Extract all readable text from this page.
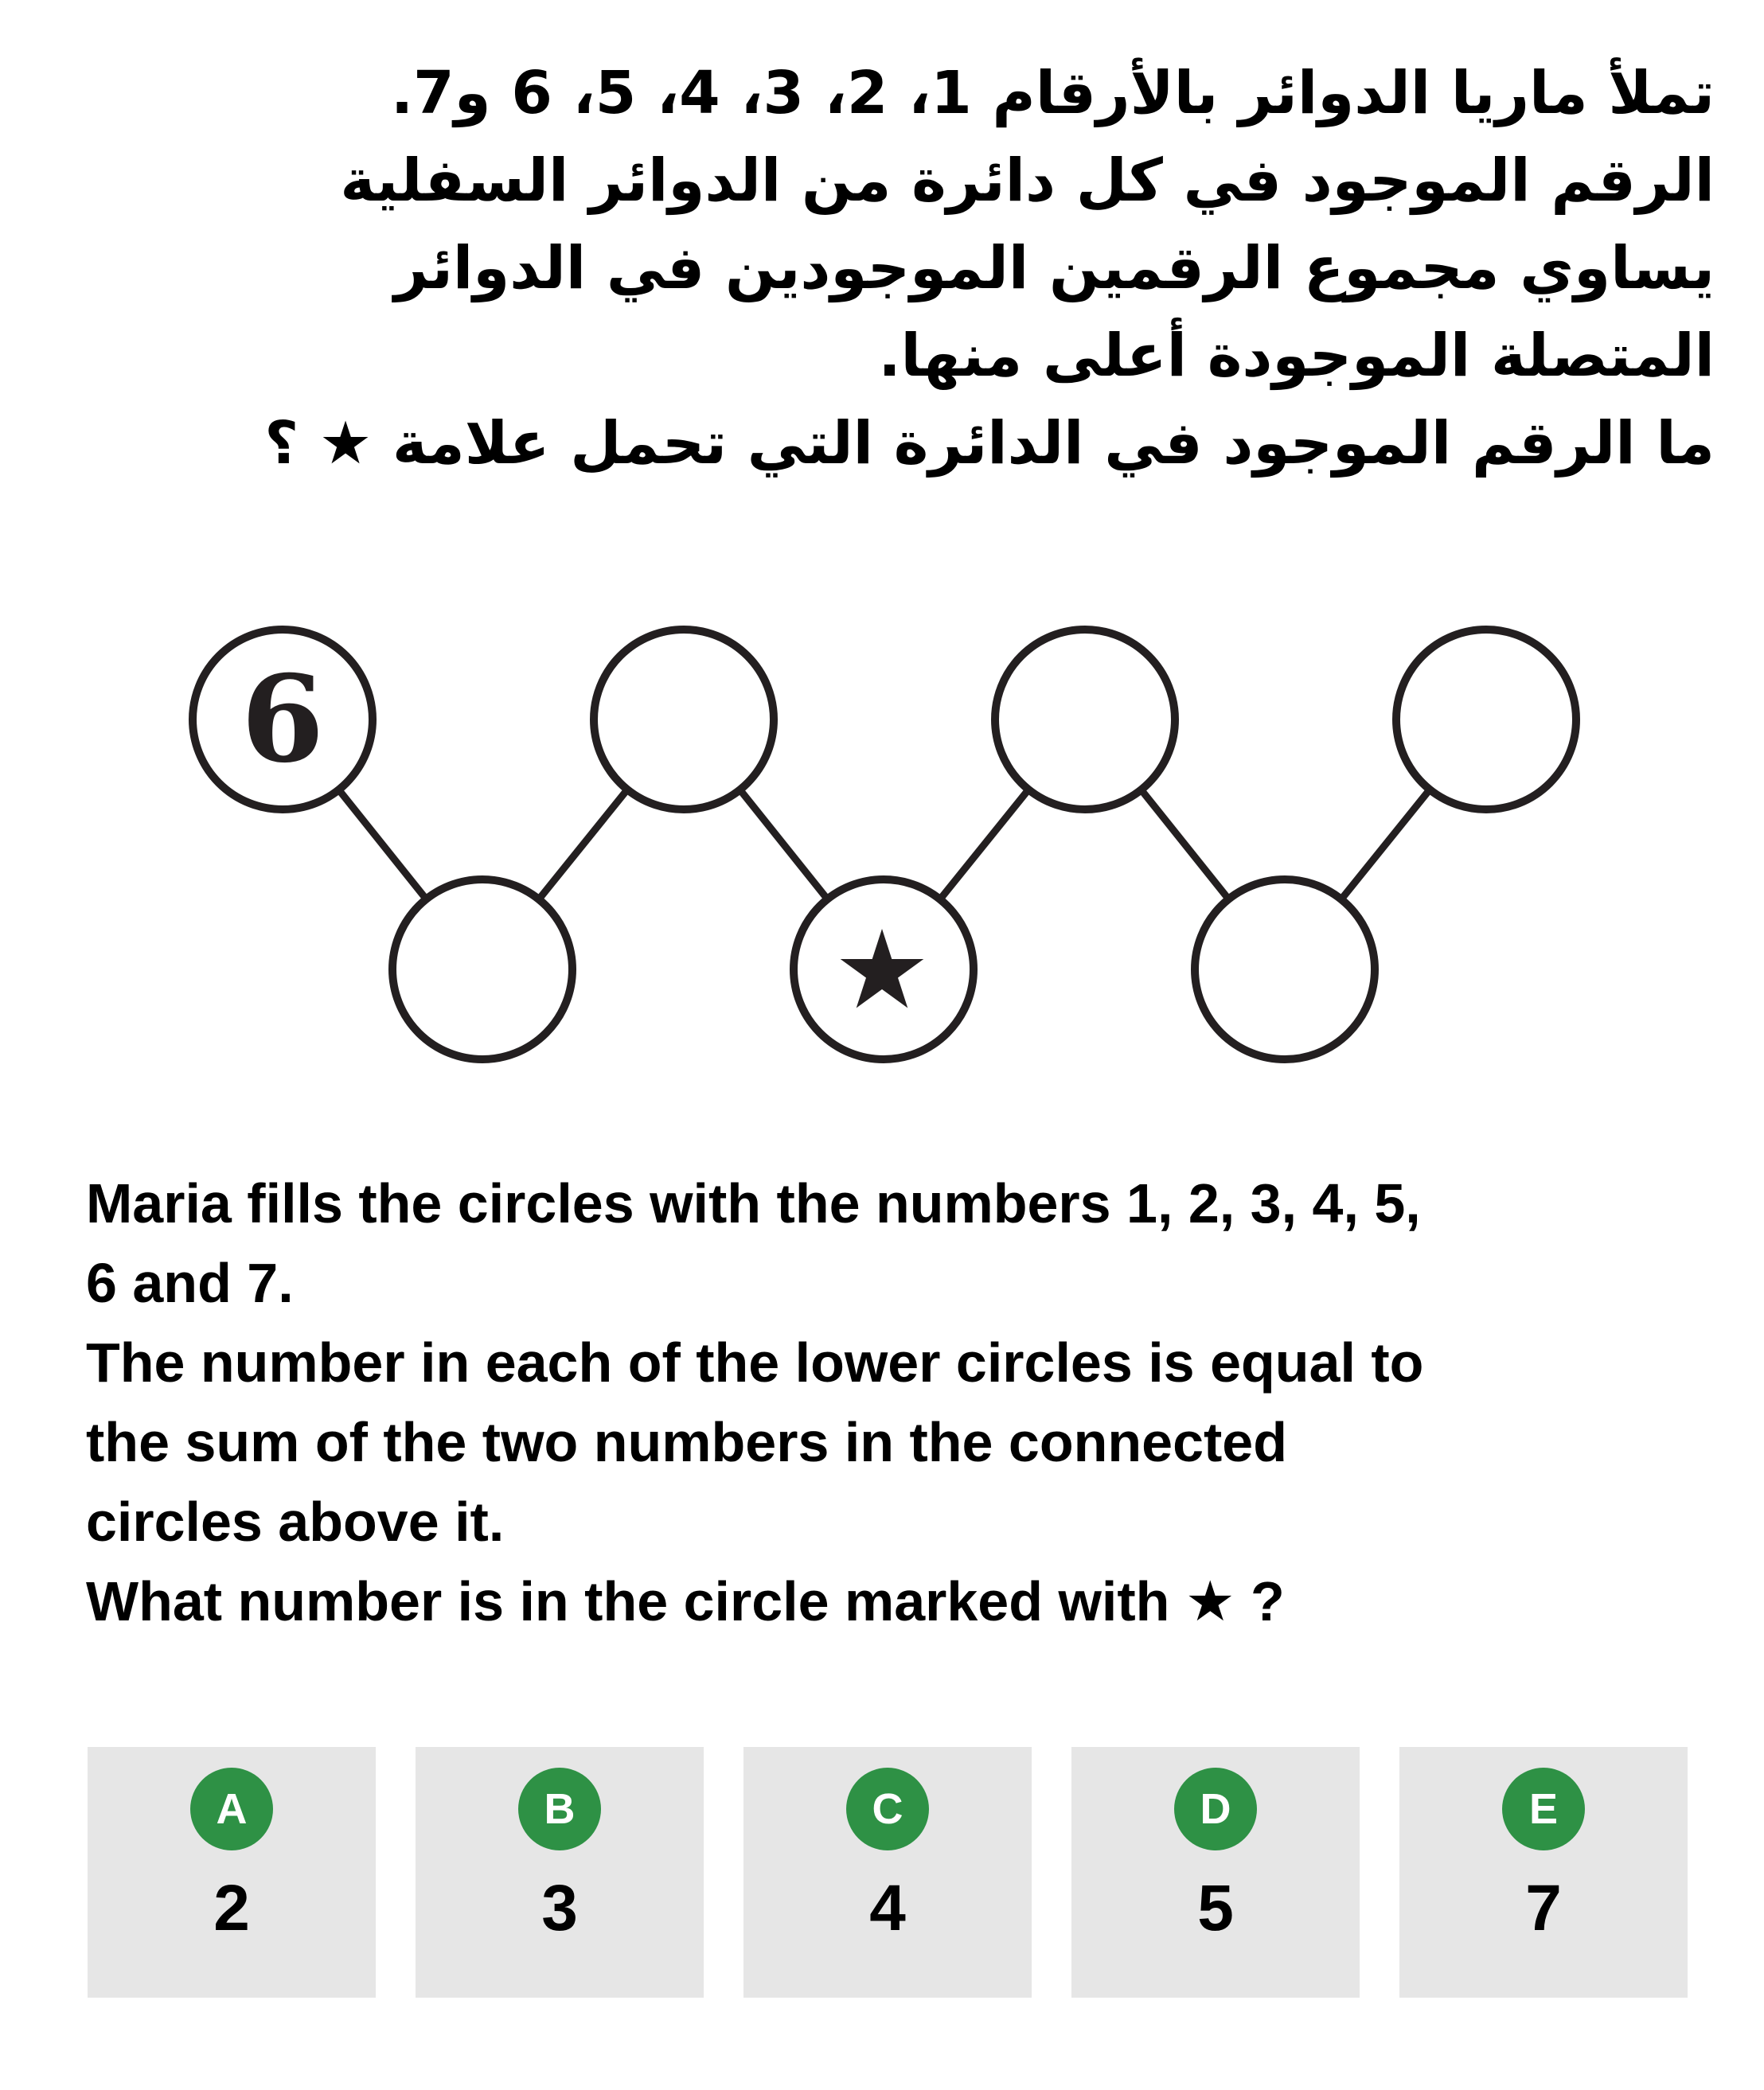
تملأ ماريا الدوائر بالأرقام 1، 2، 3، 4، 5، 6 و7.
الرقم الموجود في كل دائرة من الدوائر السفلية
يساوي مجموع الرقمين الموجودين في الدوائر
المتصلة الموجودة أعلى منها.
ما الرقم الموجود في الدائرة التي تحمل علامة ★ ؟
6
Maria fills the circles with the numbers 1, 2, 3, 4, 5,
6 and 7.
The number in each of the lower circles is equal to
the sum of the two numbers in the connected
circles above it.
What number is in the circle marked with ★ ?
A
2
B
3
C
4
D
5
E
7
